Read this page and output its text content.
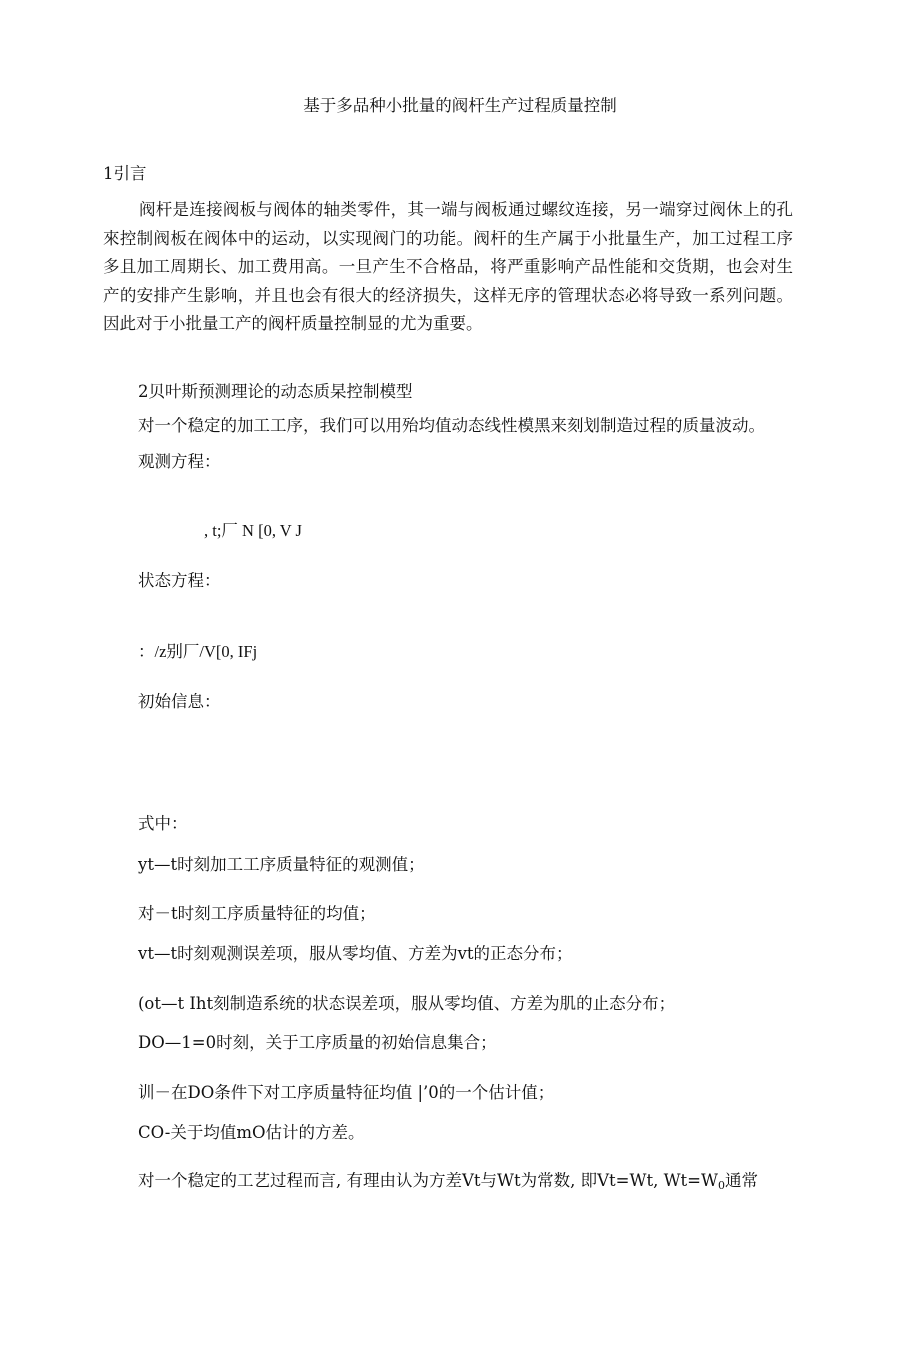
基于多品种小批量的阀杆生产过程质量控制
1引言
阀杆是连接阀板与阀体的轴类零件，其一端与阀板通过螺纹连接，另一端穿过阀休上的孔來控制阀板在阀体中的运动，以实现阀门的功能。阀杆的生产属于小批量生产，加工过程工序多且加工周期长、加工费用高。一旦产生不合格品，将严重影响产品性能和交货期，也会对生产的安排产生影响，并且也会有很大的经济损失，这样无序的管理状态必将导致一系列问题。因此对于小批量工产的阀杆质量控制显的尤为重要。
2贝叶斯预测理论的动态质杲控制模型
对一个稳定的加工工序，我们可以用殆均值动态线性模黑来刻划制造过程的质量波动。
观测方程：
, t;厂 N [0, V J
状态方程：
：/z别厂/V[0, IFj
初始信息：
式中：
yt—t时刻加工工序质量特征的观测值；
对－t时刻工序质量特征的均值；
vt—t时刻观测误差项，服从零均值、方差为vt的正态分布；
(ot—t Iht刻制造系统的状态误差项，服从零均值、方差为肌的止态分布；
DO—1=0时刻，关于工序质量的初始信息集合；
训－在DO条件下对工序质量特征均值 |’0的一个估计值；
CO-关于均值mO估计的方差。
对一个稳定的工艺过程而言, 有理由认为方差Vt与Wt为常数, 即Vt=Wt, $Wt=W_0$通常
